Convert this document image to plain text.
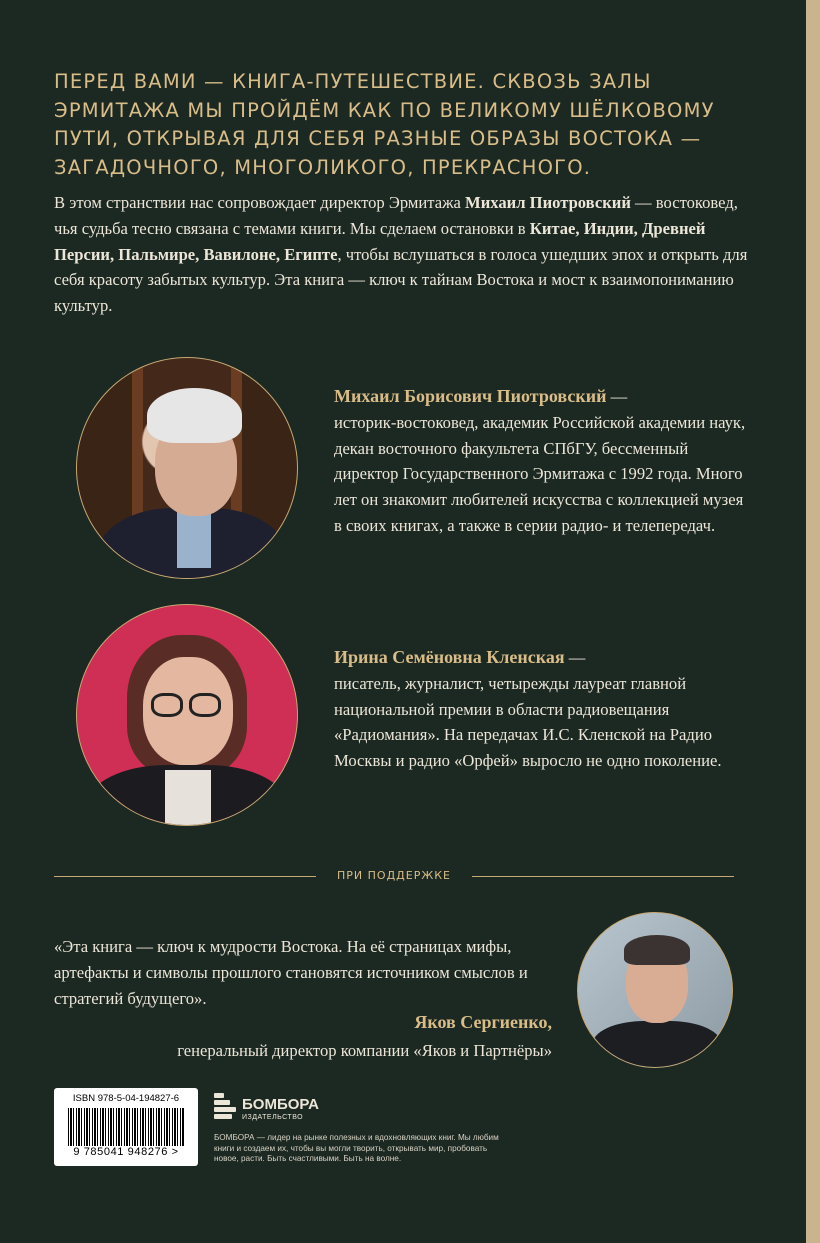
ПЕРЕД ВАМИ — КНИГА-ПУТЕШЕСТВИЕ. СКВОЗЬ ЗАЛЫ ЭРМИТАЖА МЫ ПРОЙДЁМ КАК ПО ВЕЛИКОМУ ШЁЛКОВОМУ ПУТИ, ОТКРЫВАЯ ДЛЯ СЕБЯ РАЗНЫЕ ОБРАЗЫ ВОСТОКА — ЗАГАДОЧНОГО, МНОГОЛИКОГО, ПРЕКРАСНОГО.
В этом странствии нас сопровождает директор Эрмитажа Михаил Пиотровский — востоковед, чья судьба тесно связана с темами книги. Мы сделаем остановки в Китае, Индии, Древней Персии, Пальмире, Вавилоне, Египте, чтобы вслушаться в голоса ушедших эпох и открыть для себя красоту забытых культур. Эта книга — ключ к тайнам Востока и мост к взаимопониманию культур.
Михаил Борисович Пиотровский —
историк-востоковед, академик Российской академии наук, декан восточного факультета СПбГУ, бессменный директор Государственного Эрмитажа с 1992 года. Много лет он знакомит любителей искусства с коллекцией музея в своих книгах, а также в серии радио- и телепередач.
Ирина Семёновна Кленская —
писатель, журналист, четырежды лауреат главной национальной премии в области радиовещания «Радиомания». На передачах И.С. Кленской на Радио Москвы и радио «Орфей» выросло не одно поколение.
ПРИ ПОДДЕРЖКЕ
«Эта книга — ключ к мудрости Востока. На её страницах мифы, артефакты и символы прошлого становятся источником смыслов и стратегий будущего».
Яков Сергиенко,
генеральный директор компании «Яков и Партнёры»
ISBN 978-5-04-194827-6
9 785041 948276 >
БОМБОРА
ИЗДАТЕЛЬСТВО
БОМБОРА — лидер на рынке полезных и вдохновляющих книг. Мы любим книги и создаем их, чтобы вы могли творить, открывать мир, пробовать новое, расти. Быть счастливыми. Быть на волне.
